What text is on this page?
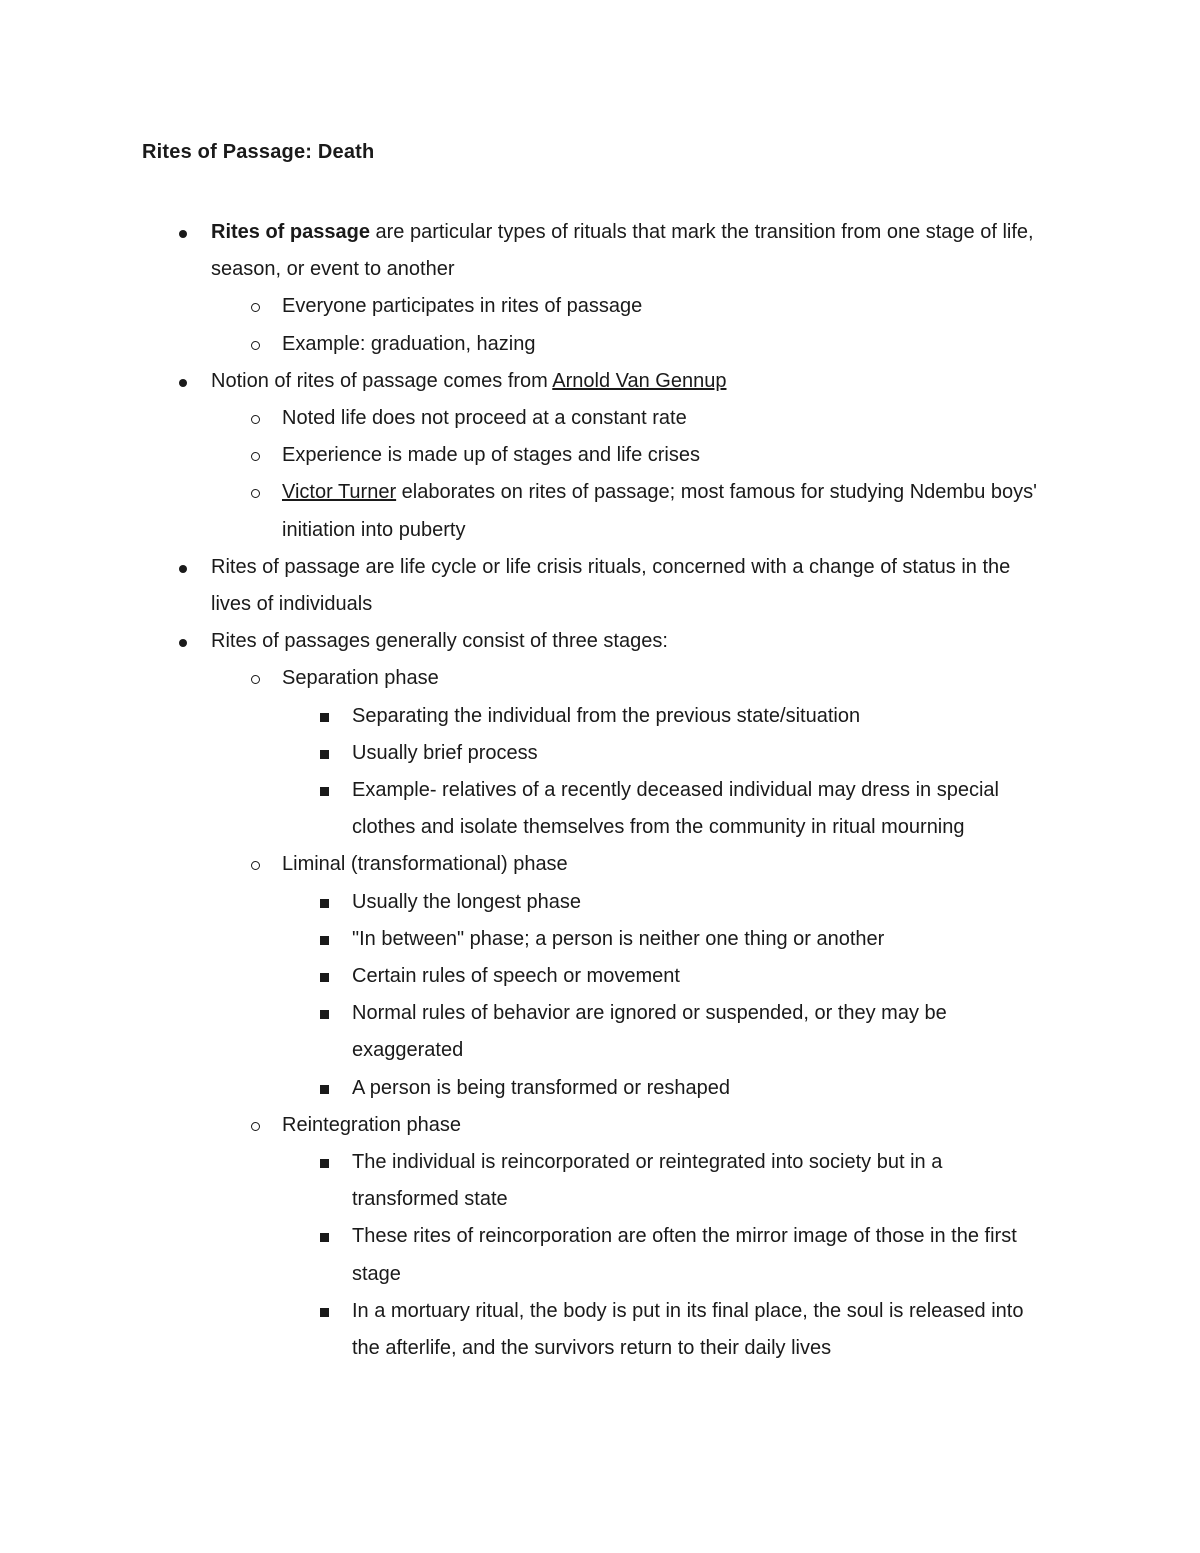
Rites of Passage: Death
Rites of passage are particular types of rituals that mark the transition from one stage of life, season, or event to another
Everyone participates in rites of passage
Example: graduation, hazing
Notion of rites of passage comes from Arnold Van Gennup
Noted life does not proceed at a constant rate
Experience is made up of stages and life crises
Victor Turner elaborates on rites of passage; most famous for studying Ndembu boys' initiation into puberty
Rites of passage are life cycle or life crisis rituals, concerned with a change of status in the lives of individuals
Rites of passages generally consist of three stages:
Separation phase
Separating the individual from the previous state/situation
Usually brief process
Example- relatives of a recently deceased individual may dress in special clothes and isolate themselves from the community in ritual mourning
Liminal (transformational) phase
Usually the longest phase
"In between" phase; a person is neither one thing or another
Certain rules of speech or movement
Normal rules of behavior are ignored or suspended, or they may be exaggerated
A person is being transformed or reshaped
Reintegration phase
The individual is reincorporated or reintegrated into society but in a transformed state
These rites of reincorporation are often the mirror image of those in the first stage
In a mortuary ritual, the body is put in its final place, the soul is released into the afterlife, and the survivors return to their daily lives
